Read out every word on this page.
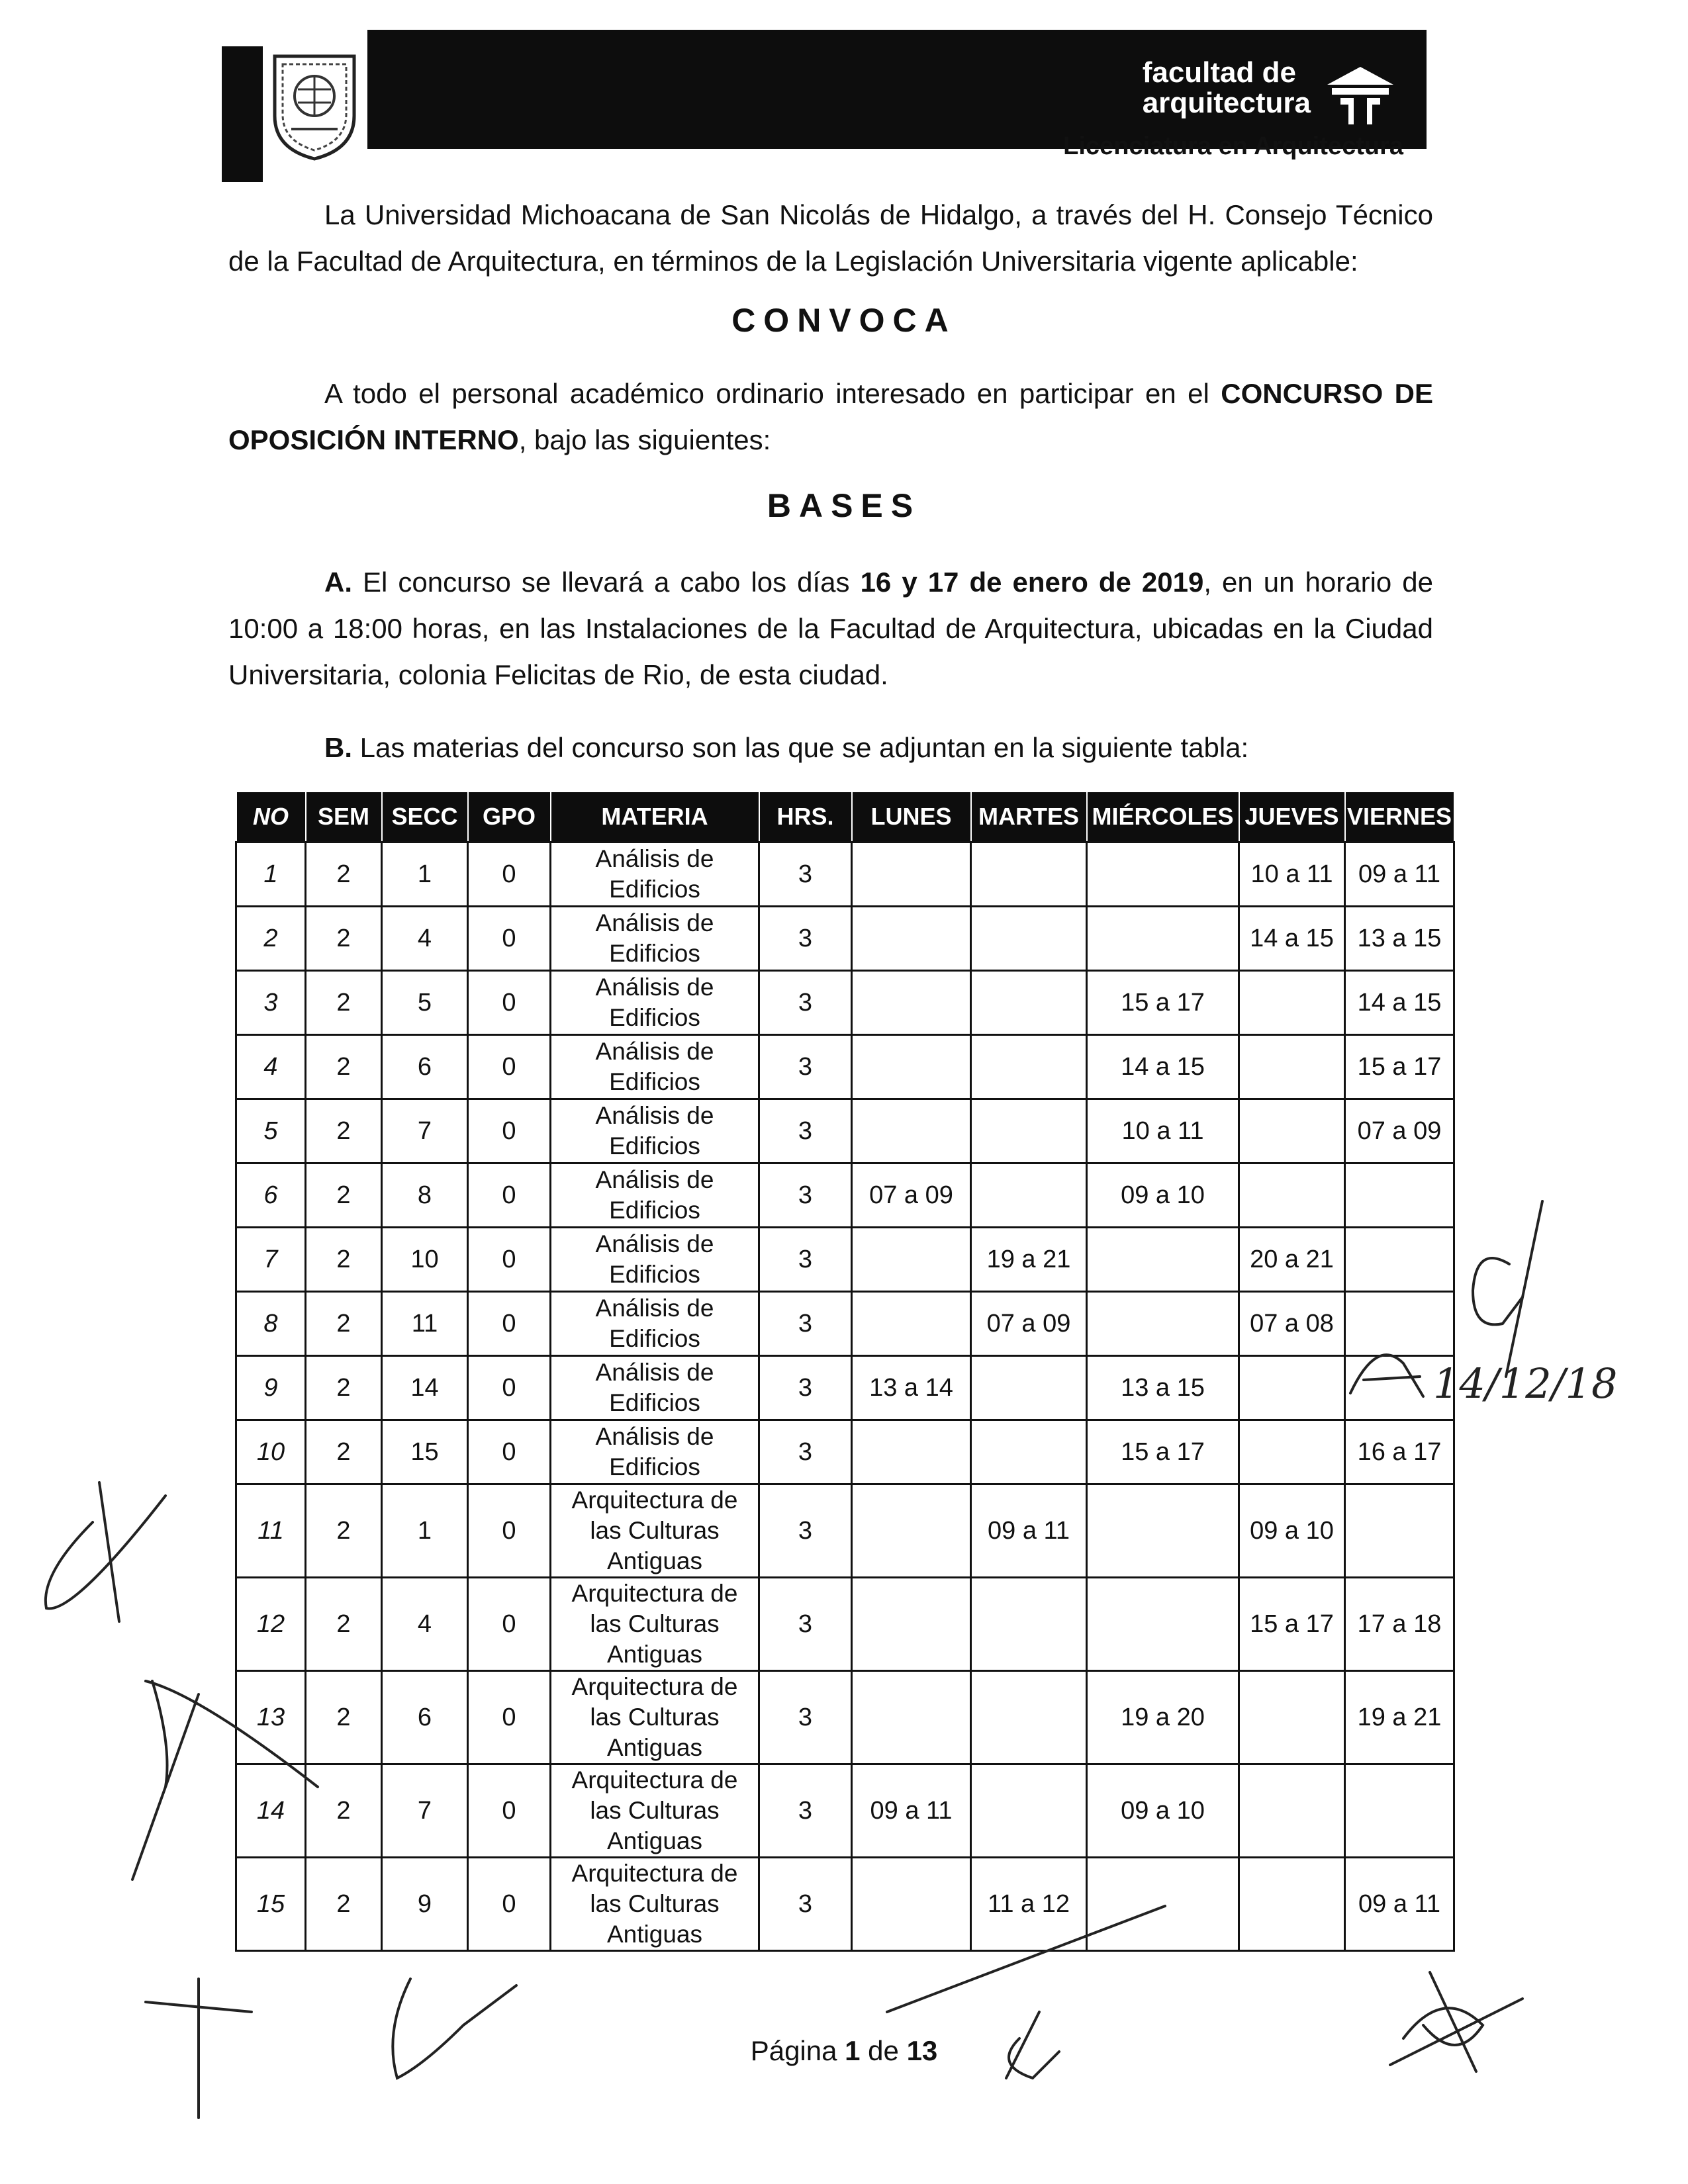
facultad de
arquitectura
Licenciatura en Arquitectura
La Universidad Michoacana de San Nicolás de Hidalgo, a través del H. Consejo Técnico de la Facultad de Arquitectura, en términos de la Legislación Universitaria vigente aplicable:
CONVOCA
A todo el personal académico ordinario interesado en participar en el CONCURSO DE OPOSICIÓN INTERNO, bajo las siguientes:
BASES
A. El concurso se llevará a cabo los días 16 y 17 de enero de 2019, en un horario de 10:00 a 18:00 horas, en las Instalaciones de la Facultad de Arquitectura, ubicadas en la Ciudad Universitaria, colonia Felicitas de Rio, de esta ciudad.
B. Las materias del concurso son las que se adjuntan en la siguiente tabla:
NO	SEM	SECC	GPO	MATERIA	HRS.	LUNES	MARTES	MIÉRCOLES	JUEVES	VIERNES
1	2	1	0	Análisis de
Edificios	3				10 a 11	09 a 11
2	2	4	0	Análisis de
Edificios	3				14 a 15	13 a 15
3	2	5	0	Análisis de
Edificios	3			15 a 17		14 a 15
4	2	6	0	Análisis de
Edificios	3			14 a 15		15 a 17
5	2	7	0	Análisis de
Edificios	3			10 a 11		07 a 09
6	2	8	0	Análisis de
Edificios	3	07 a 09		09 a 10		
7	2	10	0	Análisis de
Edificios	3		19 a 21		20 a 21	
8	2	11	0	Análisis de
Edificios	3		07 a 09		07 a 08	
9	2	14	0	Análisis de
Edificios	3	13 a 14		13 a 15		
10	2	15	0	Análisis de
Edificios	3			15 a 17		16 a 17
11	2	1	0	Arquitectura de
las Culturas
Antiguas	3		09 a 11		09 a 10	
12	2	4	0	Arquitectura de
las Culturas
Antiguas	3				15 a 17	17 a 18
13	2	6	0	Arquitectura de
las Culturas
Antiguas	3			19 a 20		19 a 21
14	2	7	0	Arquitectura de
las Culturas
Antiguas	3	09 a 11		09 a 10		
15	2	9	0	Arquitectura de
las Culturas
Antiguas	3		11 a 12			09 a 11
Página 1 de 13
14/12/18
